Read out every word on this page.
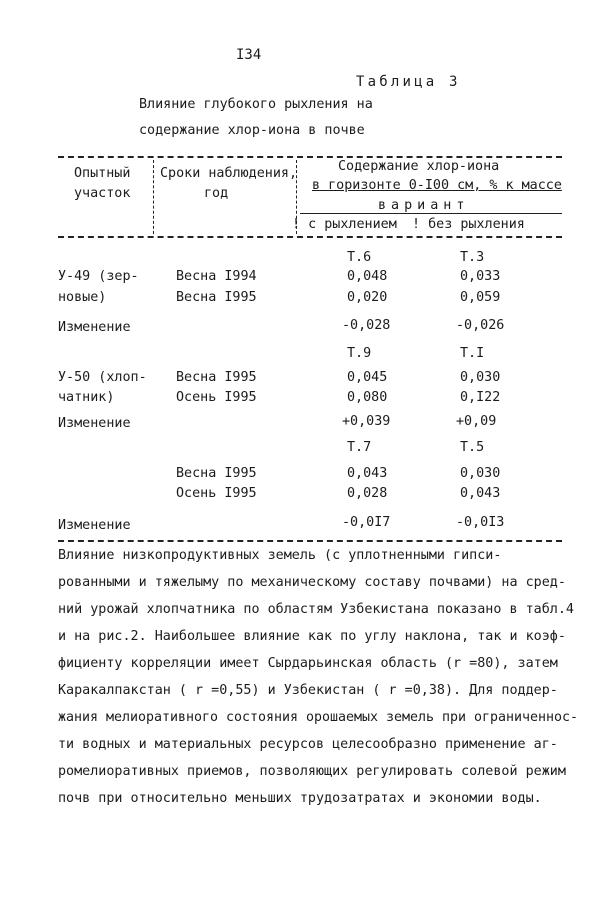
I34
Таблица 3
Влияние глубокого рыхления на
содержание хлор-иона в почве
Опытный
участок
Сроки наблюдения,
год
Содержание хлор-иона
в горизонте 0-I00 см, % к массе
вариант
! с рыхлением ! без рыхления
Т.6	Т.3
У-49 (зер-
новые)
Весна I994	0,048	0,033
Весна I995	0,020	0,059
Изменение	-0,028	-0,026
Т.9	Т.I
У-50 (хлоп-
чатник)
Весна I995	0,045	0,030
Осень I995	0,080	0,I22
Изменение	+0,039	+0,09
Т.7	Т.5
Весна I995	0,043	0,030
Осень I995	0,028	0,043
Изменение	-0,0I7	-0,0I3
Влияние низкопродуктивных земель (с уплотненными гипси-
рованными и тяжелыму по механическому составу почвами) на сред-
ний урожай хлопчатника по областям Узбекистана показано в табл.4
и на рис.2. Наибольшее влияние как по углу наклона, так и коэф-
фициенту корреляции имеет Сырдарьинская область (r =80), затем
Каракалпакстан ( r =0,55) и Узбекистан ( r =0,38). Для поддер-
жания мелиоративного состояния орошаемых земель при ограниченнос-
ти водных и материальных ресурсов целесообразно применение аг-
ромелиоративных приемов, позволяющих регулировать солевой режим
почв при относительно меньших трудозатратах и экономии воды.
